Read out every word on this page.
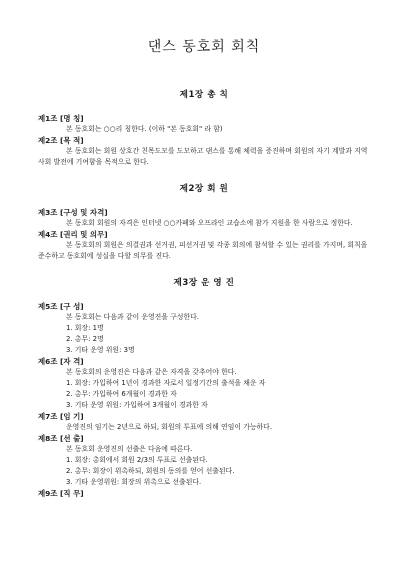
댄스 동호회 회칙
제1장 총 칙
제1조 [명 칭]
본 동호회는 ○○리 칭한다. (이하 "본 동호회" 라 함)
제2조 [목 적]
본 동호회는 회원 상호간 친목도모를 도모하고 댄스를 통해 체력을 증진하며 회원의 자기 계발과 지역 사회 발전에 기여함을 목적으로 한다.
제2장 회 원
제3조 [구성 및 자격]
본 동호회 회원의 자격은 인터넷 ○○카페와 오프라인 교습소에 참가 지원을 한 사람으로 정한다.
제4조 [권리 및 의무]
본 동호회의 회원은 의결권과 선거권, 피선거권 및 각종 회의에 참석할 수 있는 권리를 가지며, 회칙을 준수하고 동호회에 성실을 다할 의무를 진다.
제3장 운 영 진
제5조 [구 성]
본 동호회는 다음과 같이 운영진을 구성한다.
1. 회장: 1명
2. 총무: 2명
3. 기타 운영 위원: 3명
제6조 [자 격]
본 동호회의 운영진은 다음과 같은 자격을 갖추어야 한다.
1. 회장: 가입하여 1년이 경과한 자로서 일정기간의 출석을 채운 자
2. 총무: 가입하여 6개월이 경과한 자
3. 기타 운영 위원: 가입하여 3개월이 경과한 자
제7조 [임 기]
운영진의 임기는 2년으로 하되, 회원의 투표에 의해 연임이 가능하다.
제8조 [선 출]
본 동호회 운영진의 선출은 다음에 따른다.
1. 회장: 총회에서 회원 2/3의 투표로 선출된다.
2. 총무: 회장이 위촉하되, 회원의 동의를 얻어 선출된다.
3. 기타 운영위원: 회장의 위촉으로 선출된다.
제9조 [직 무]
